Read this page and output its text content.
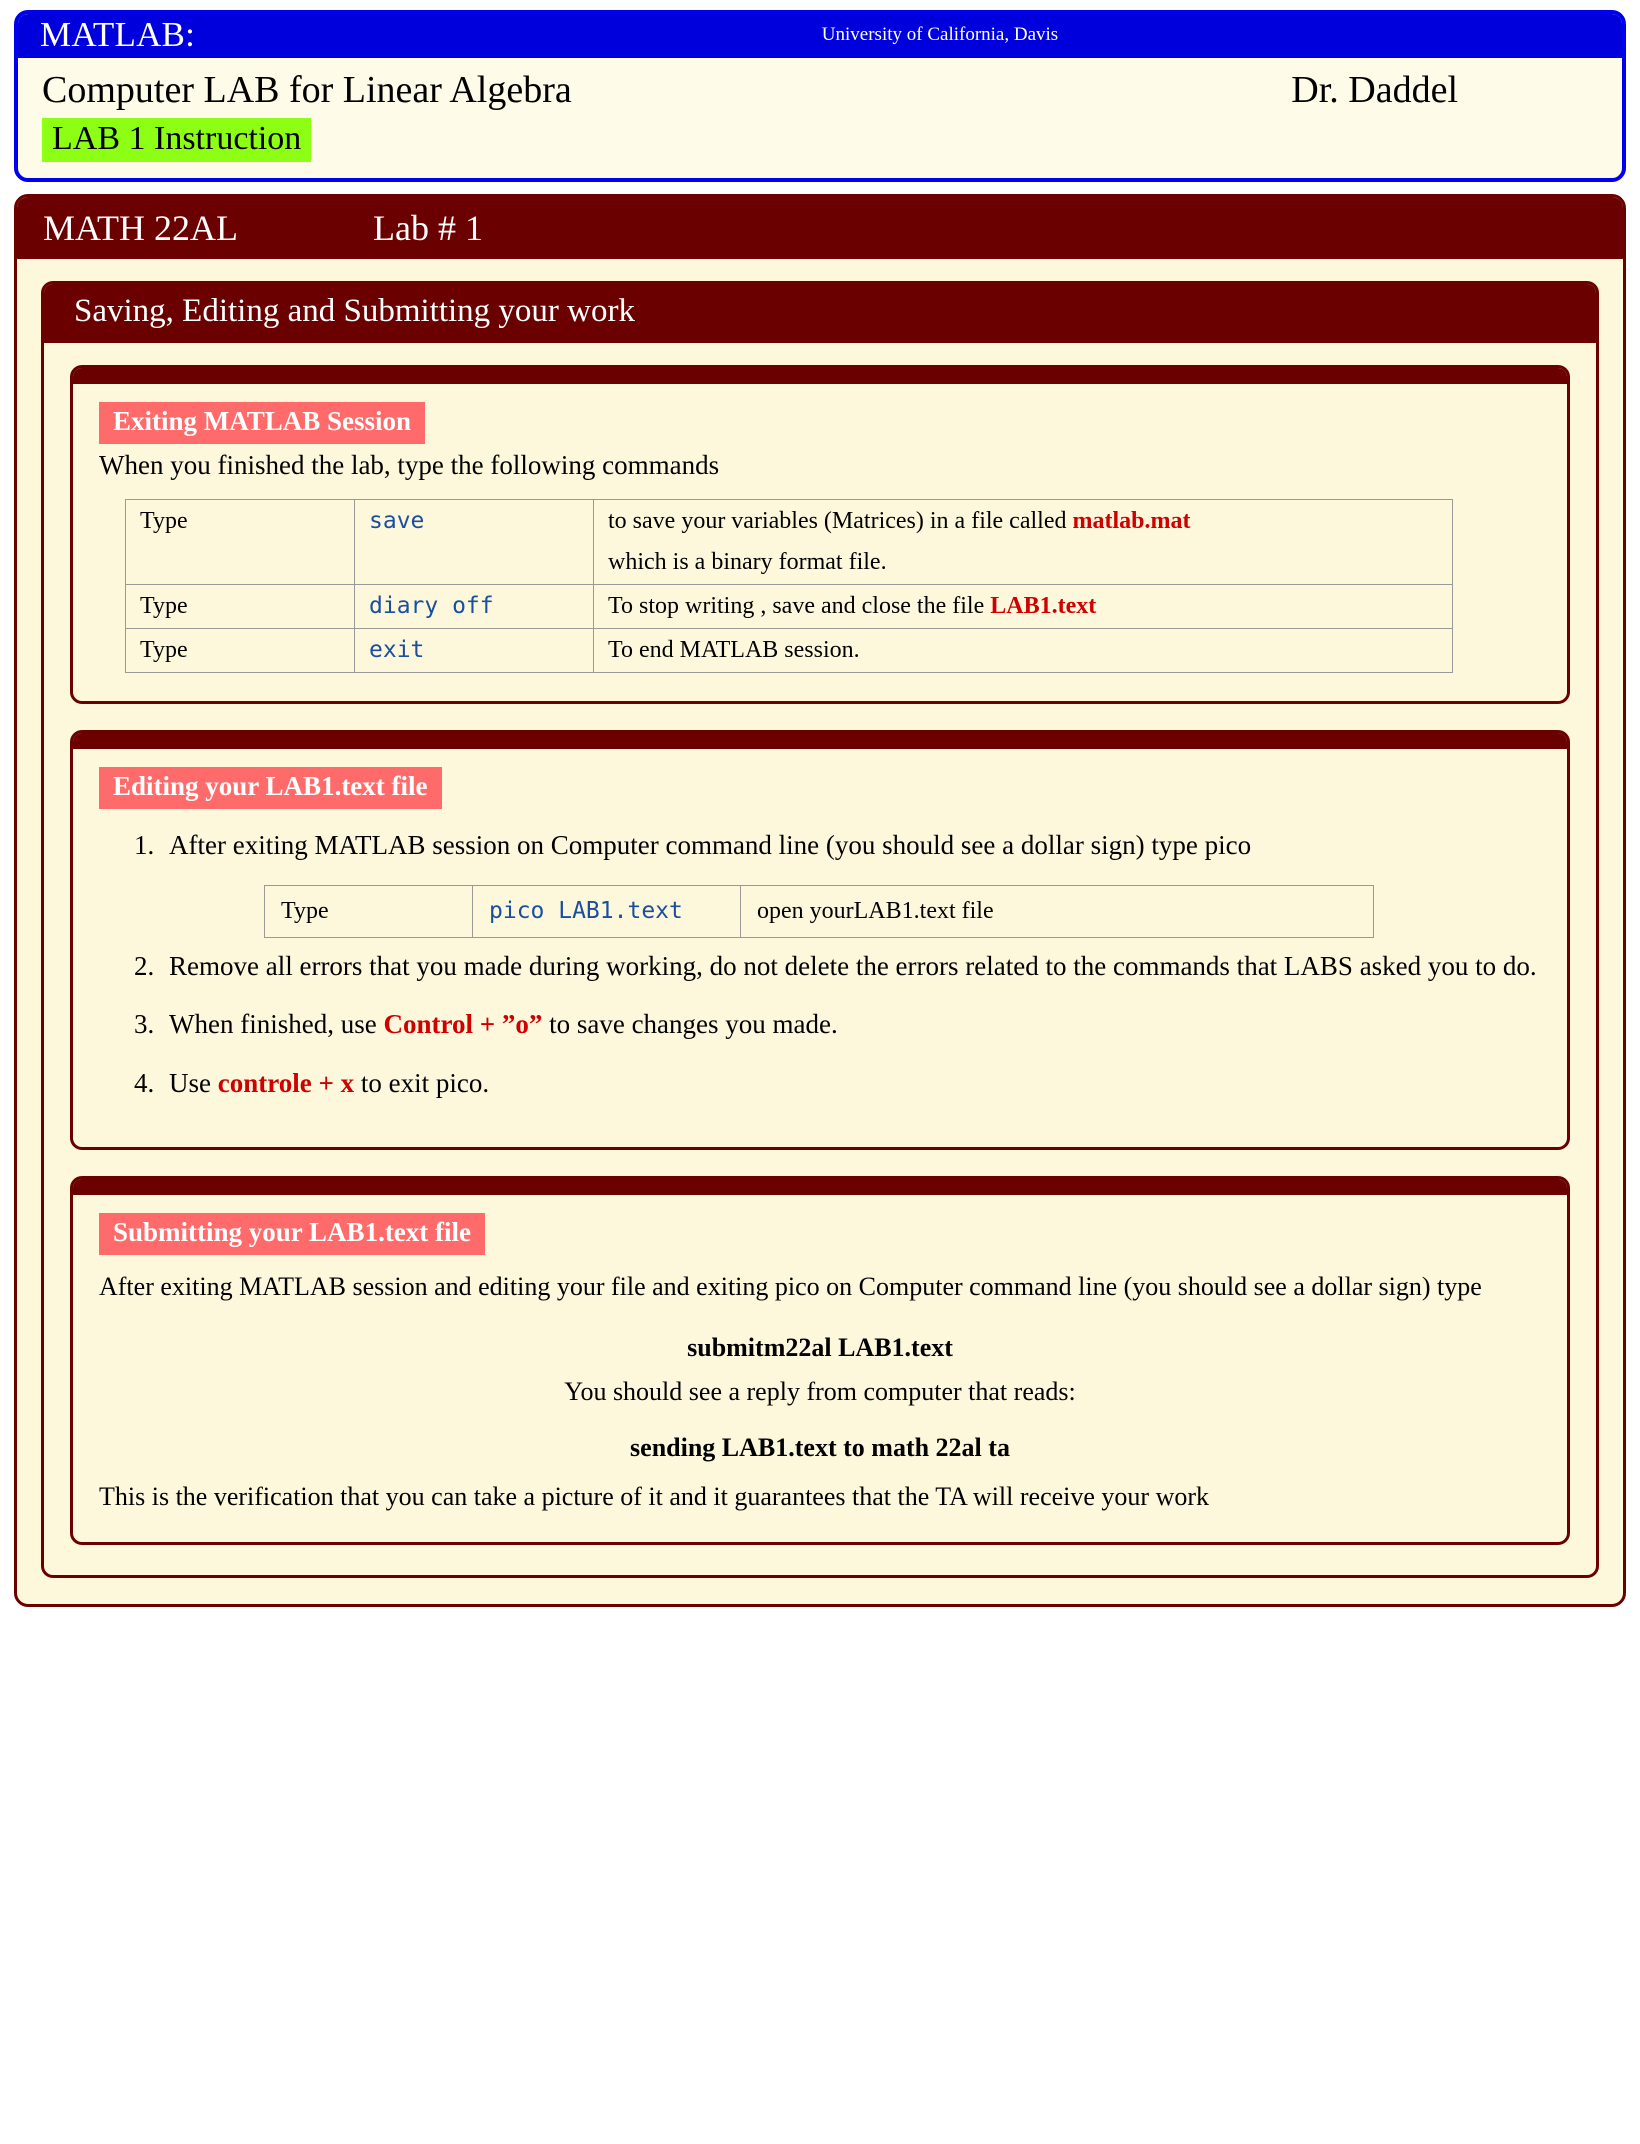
MATLAB:	University of California, Davis
Computer LAB for Linear Algebra	Dr. Daddel
LAB 1 Instruction
MATH 22AL	Lab # 1
Saving, Editing and Submitting your work
Exiting MATLAB Session

When you finished the lab, type the following commands

Type	save	to save your variables (Matrices) in a file called matlab.mat
which is a binary format file.

Type	diary off	To stop writing , save and close the file LAB1.text
Type	exit	To end MATLAB session.
Editing your LAB1.text file
1. After exiting MATLAB session on Computer command line (you should see a dollar sign) type pico
Type	pico LAB1.text	open yourLAB1.text file
2. Remove all errors that you made during working, do not delete the errors related to the commands that LABS asked you to do.
3. When finished, use Control + ”o” to save changes you made.
4. Use controle + x to exit pico.
Submitting your LAB1.text file

After exiting MATLAB session and editing your file and exiting pico on Computer command line (you should see a dollar sign) type

submitm22al LAB1.text

You should see a reply from computer that reads:

sending LAB1.text to math 22al ta

This is the verification that you can take a picture of it and it guarantees that the TA will receive your work
